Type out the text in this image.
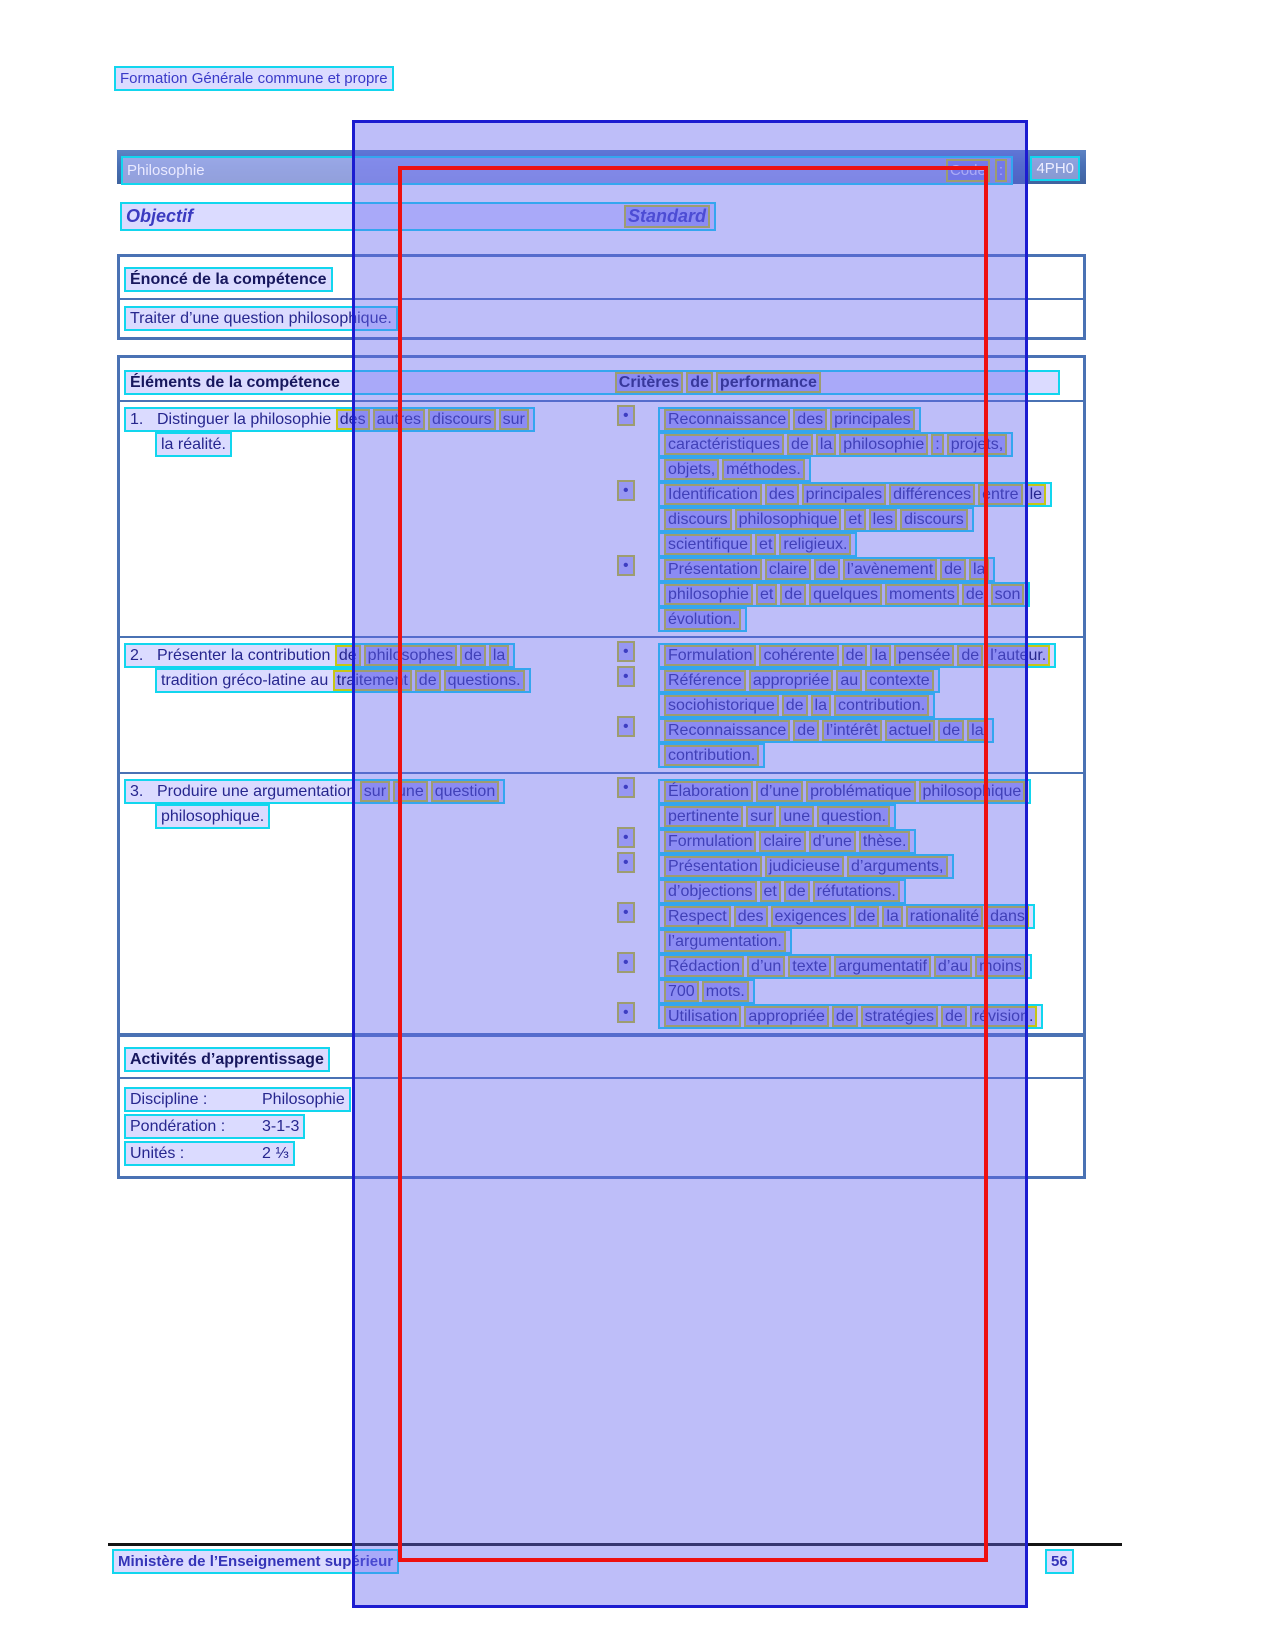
Formation Générale commune et propre
Philosophie	Code :	4PH0
Objectif	Standard
Énoncé de la compétence
Traiter d’une question philosophique.
Éléments de la compétence	Critères de performance
1. Distinguer la philosophie des autres discours sur
la réalité.
• Reconnaissance des principales
caractéristiques de la philosophie : projets,
objets, méthodes.
• Identification des principales différences entre le
discours philosophique et les discours
scientifique et religieux.
• Présentation claire de l’avènement de la
philosophie et de quelques moments de son
évolution.
2. Présenter la contribution de philosophes de la
tradition gréco-latine au traitement de questions.
• Formulation cohérente de la pensée de l’auteur.
• Référence appropriée au contexte
sociohistorique de la contribution.
• Reconnaissance de l’intérêt actuel de la
contribution.
3. Produire une argumentation sur une question
philosophique.
• Élaboration d’une problématique philosophique
pertinente sur une question.
• Formulation claire d’une thèse.
• Présentation judicieuse d’arguments,
d’objections et de réfutations.
• Respect des exigences de la rationalité dans
l’argumentation.
• Rédaction d’un texte argumentatif d’au moins
700 mots.
• Utilisation appropriée de stratégies de révision.
Activités d’apprentissage
Discipline :	Philosophie
Pondération : 3-1-3
Unités :	2 ⅓
Ministère de l’Enseignement supérieur	56
